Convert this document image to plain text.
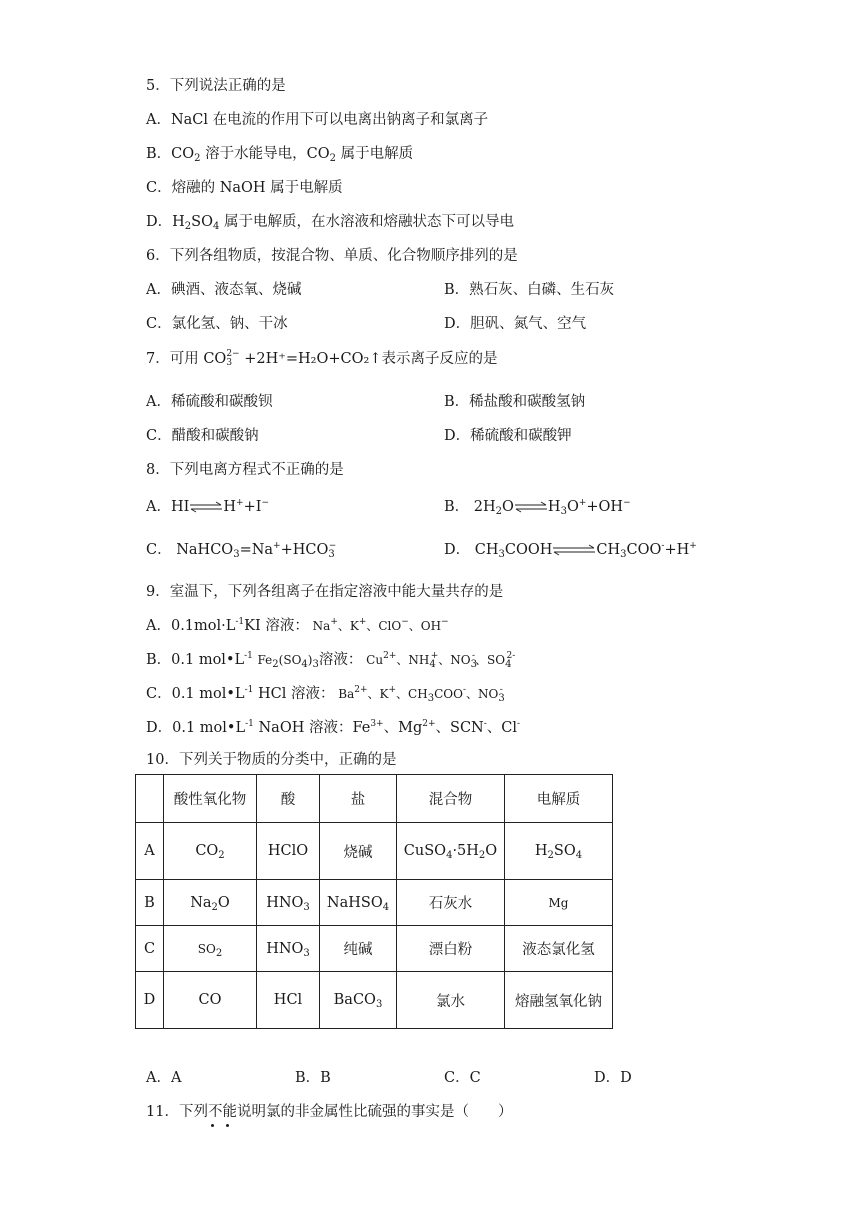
5．下列说法正确的是
A．NaCl 在电流的作用下可以电离出钠离子和氯离子
B．$CO_2$ 溶于水能导电，$CO_2$ 属于电解质
C．熔融的 NaOH 属于电解质
D．$H_2SO_4$ 属于电解质，在水溶液和熔融状态下可以导电
6．下列各组物质，按混合物、单质、化合物顺序排列的是
A．碘酒、液态氧、烧碱	B．熟石灰、白磷、生石灰
C．氯化氢、钠、干冰	D．胆矾、氮气、空气
7．可用 CO 2−
3 +2H⁺=H₂O+CO₂↑表示离子反应的是
A．稀硫酸和碳酸钡	B．稀盐酸和碳酸氢钠
C．醋酸和碳酸钠	D．稀硫酸和碳酸钾
8．下列电离方程式不正确的是
A．HI⇌H++I−	B． $2H_2O\rightleftharpoons H_3O^++OH^-$
C． $NaHCO_3=Na^++HCO_3^-$	D． $CH_3COOH\rightleftharpoons CH_3COO^-+H^+$
9．室温下，下列各组离子在指定溶液中能大量共存的是
A．$0.1mol\cdot L^{-1}KI$ 溶液： Na+、K+、ClO−、OH−
B．0.1 $mol•L^{-1}$ $Fe_2(SO_4)_3$溶液： $Cu^{2+}$、$NH_4^+$、$NO_3^-$、$SO_4^{2-}$
C．0.1 $mol•L^{-1}$ HCl 溶液： $Ba^{2+}$、K+、$CH_3COO^-$、$NO_3^-$
D．0.1 $mol•L^{-1}$ NaOH 溶液：$Fe^{3+}$、$Mg^{2+}$、SCN-、Cl-
10．下列关于物质的分类中，正确的是
	酸性氧化物	酸	盐	混合物	电解质
A	$CO_2$	HClO	烧碱	$CuSO_4\cdot 5H_2O$	$H_2SO_4$
B	$Na_2O$	$HNO_3$	NaHSO$_4$	石灰水	Mg
C	$SO_2$	$HNO_3$	纯碱	漂白粉	液态氯化氢
D	CO	HCl	BaCO$_3$	氯水	熔融氢氧化钠
A．A	B．B	C．C	D．D
11．下列不能说明氯的非金属性比硫强的事实是（　　）
